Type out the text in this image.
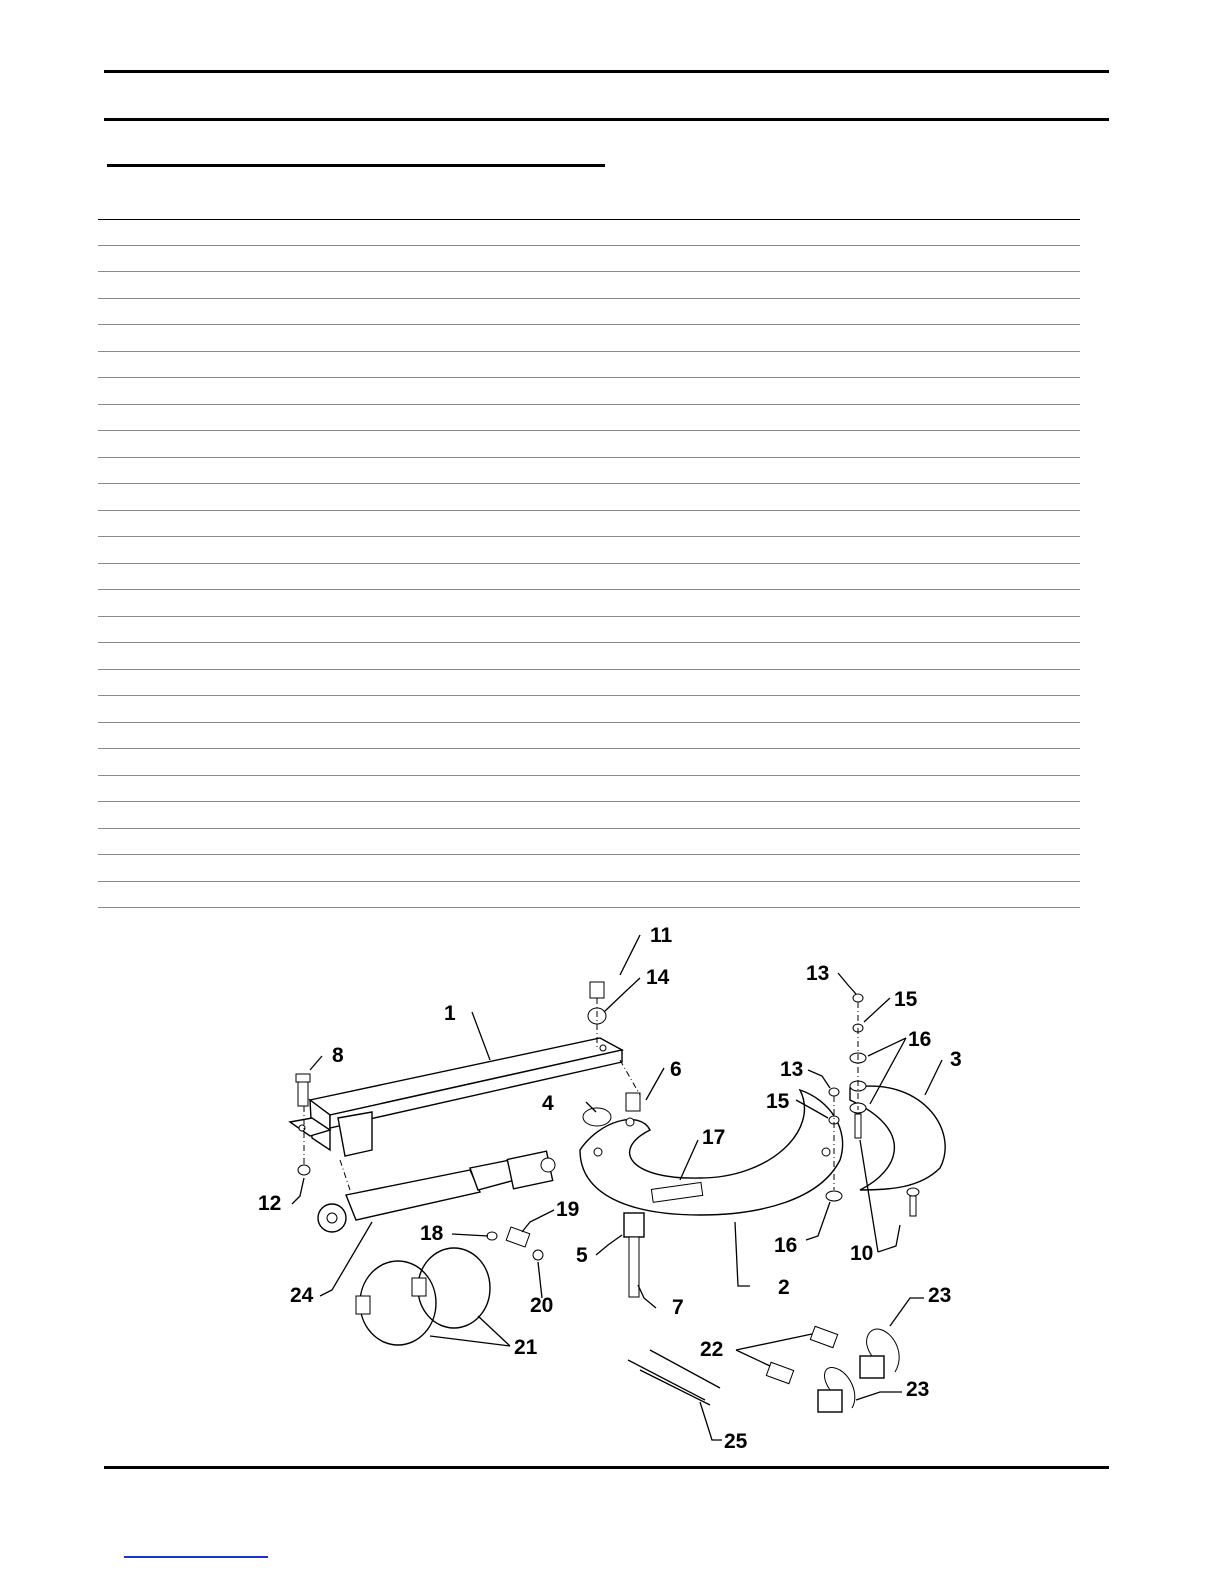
1
2
3
4
5
6
7
8
10
11
12
13
13
14
15
15
16
16
17
18
19
20
21	22
23
23
24
25
